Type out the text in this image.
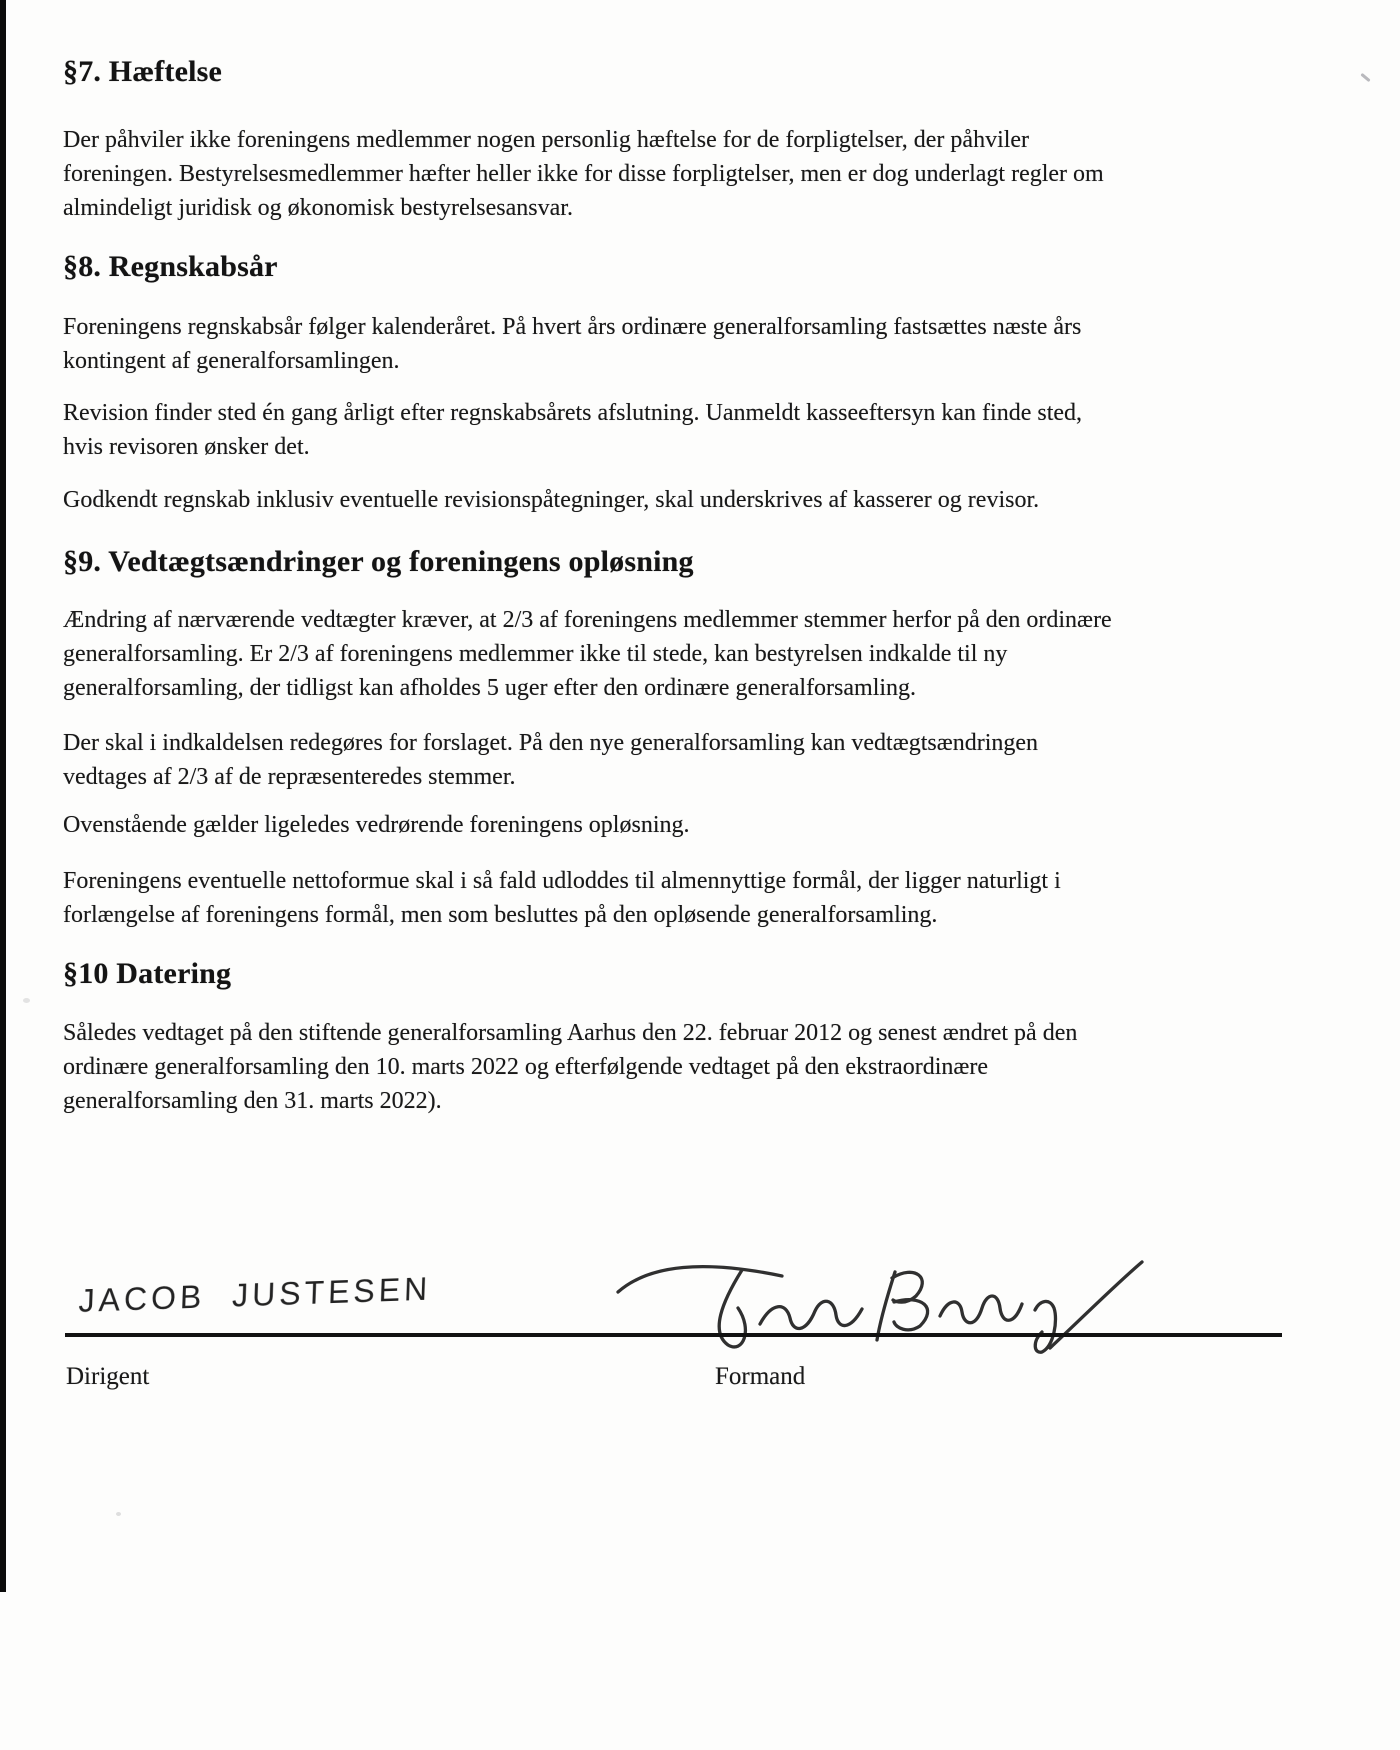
§7. Hæftelse
Der påhviler ikke foreningens medlemmer nogen personlig hæftelse for de forpligtelser, der påhviler
foreningen. Bestyrelsesmedlemmer hæfter heller ikke for disse forpligtelser, men er dog underlagt regler om
almindeligt juridisk og økonomisk bestyrelsesansvar.
§8. Regnskabsår
Foreningens regnskabsår følger kalenderåret. På hvert års ordinære generalforsamling fastsættes næste års
kontingent af generalforsamlingen.
Revision finder sted én gang årligt efter regnskabsårets afslutning. Uanmeldt kasseeftersyn kan finde sted,
hvis revisoren ønsker det.
Godkendt regnskab inklusiv eventuelle revisionspåtegninger, skal underskrives af kasserer og revisor.
§9. Vedtægtsændringer og foreningens opløsning
Ændring af nærværende vedtægter kræver, at 2/3 af foreningens medlemmer stemmer herfor på den ordinære
generalforsamling. Er 2/3 af foreningens medlemmer ikke til stede, kan bestyrelsen indkalde til ny
generalforsamling, der tidligst kan afholdes 5 uger efter den ordinære generalforsamling.
Der skal i indkaldelsen redegøres for forslaget. På den nye generalforsamling kan vedtægtsændringen
vedtages af 2/3 af de repræsenteredes stemmer.
Ovenstående gælder ligeledes vedrørende foreningens opløsning.
Foreningens eventuelle nettoformue skal i så fald udloddes til almennyttige formål, der ligger naturligt i
forlængelse af foreningens formål, men som besluttes på den opløsende generalforsamling.
§10 Datering
Således vedtaget på den stiftende generalforsamling Aarhus den 22. februar 2012 og senest ændret på den
ordinære generalforsamling den 10. marts 2022 og efterfølgende vedtaget på den ekstraordinære
generalforsamling den 31. marts 2022).
JACOB JUSTESEN
Dirigent	Formand
